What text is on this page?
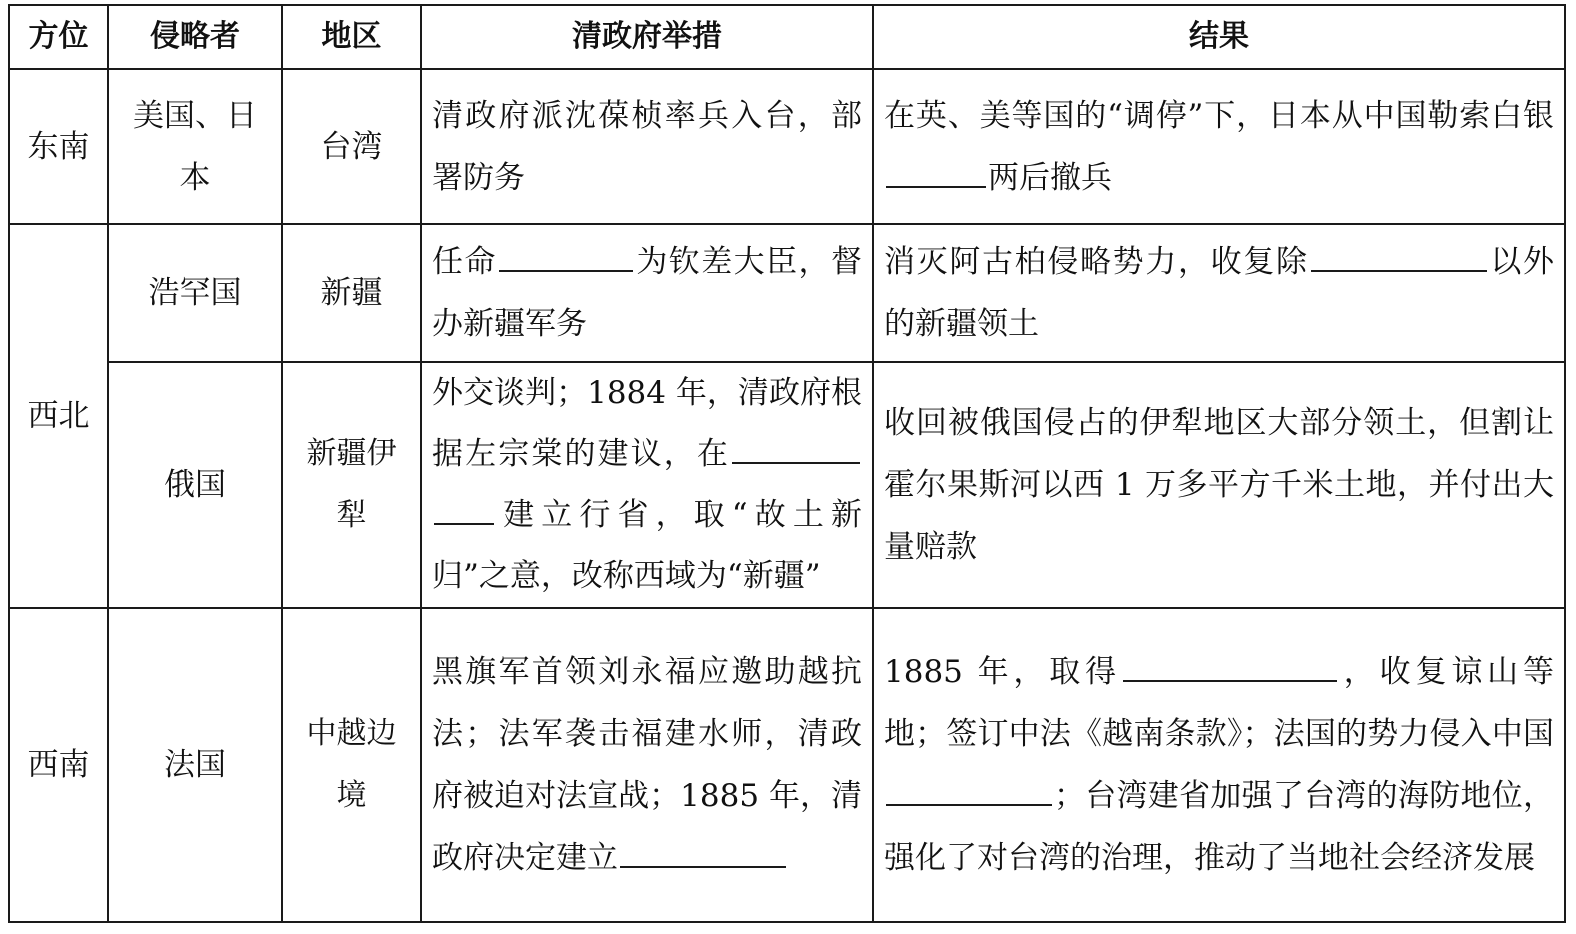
方位	侵略者	地区	清政府举措	结果
东南	美国、日本	台湾	清政府派沈葆桢率兵入台，部署防务	在英、美等国的“调停”下，日本从中国勒索白银两后撤兵
西北	浩罕国	新疆	任命 为钦差大臣，督办新疆军务	消灭阿古柏侵略势力，收复除 以外的新疆领土
	俄国	新疆伊犁	外交谈判；1884 年，清政府根据左宗棠的建议，在建立行省，取“故土新归”之意，改称西域为“新疆”	收回被俄国侵占的伊犁地区大部分领土，但割让霍尔果斯河以西 1 万多平方千米土地，并付出大量赔款
西南	法国	中越边境	黑旗军首领刘永福应邀助越抗法；法军袭击福建水师，清政府被迫对法宣战；1885 年，清政府决定建立	1885 年，取得 ，收复谅山等地；签订中法《越南条款》；法国的势力侵入中国；台湾建省加强了台湾的海防地位，强化了对台湾的治理，推动了当地社会经济发展
